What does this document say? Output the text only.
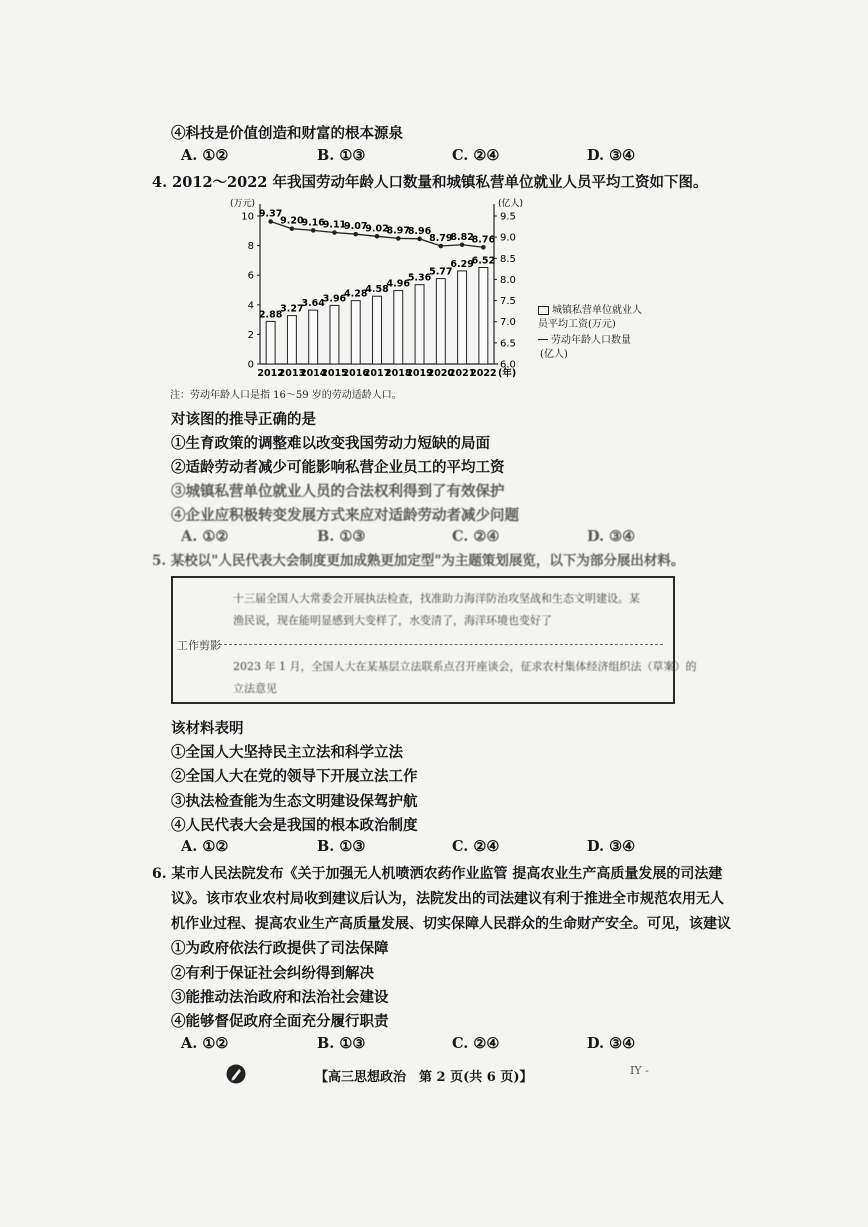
④科技是价值创造和财富的根本源泉
A. ①②	B. ①③	C. ②④	D. ③④
4. 2012～2022 年我国劳动年龄人口数量和城镇私营单位就业人员平均工资如下图。
(万元)	(亿人)
0
2
4
6
8
10
6.0
6.5
7.0
7.5
8.0
8.5
9.0
9.5
2.88
2012
3.27
2013
3.64
2014
3.96
2015
4.28
2016
4.58
2017
4.96
2018
5.36
2019
5.77
2020
6.29
2021
6.52
2022 (年)
9.37
9.20
9.16
9.11
9.07
9.02
8.97
8.96
8.79
8.82
8.76
城镇私营单位就业人员平均工资(万元)
劳动年龄人口数量
(亿人)
注：劳动年龄人口是指 16～59 岁的劳动适龄人口。
对该图的推导正确的是
①生育政策的调整难以改变我国劳动力短缺的局面
②适龄劳动者减少可能影响私营企业员工的平均工资
③城镇私营单位就业人员的合法权利得到了有效保护
④企业应积极转变发展方式来应对适龄劳动者减少问题
A. ①②	B. ①③	C. ②④	D. ③④
5. 某校以"人民代表大会制度更加成熟更加定型"为主题策划展览，以下为部分展出材料。
十三届全国人大常委会开展执法检查，找准助力海洋防治攻坚战和生态文明建设。某
渔民说，现在能明显感到大变样了，水变清了，海洋环境也变好了
工作剪影
2023 年 1 月，全国人大在某基层立法联系点召开座谈会，征求农村集体经济组织法（草案）的
立法意见
该材料表明
①全国人大坚持民主立法和科学立法
②全国人大在党的领导下开展立法工作
③执法检查能为生态文明建设保驾护航
④人民代表大会是我国的根本政治制度
A. ①②	B. ①③	C. ②④	D. ③④
6. 某市人民法院发布《关于加强无人机喷洒农药作业监管 提高农业生产高质量发展的司法建
议》。该市农业农村局收到建议后认为，法院发出的司法建议有利于推进全市规范农用无人
机作业过程、提高农业生产高质量发展、切实保障人民群众的生命财产安全。可见，该建议
①为政府依法行政提供了司法保障
②有利于保证社会纠纷得到解决
③能推动法治政府和法治社会建设
④能够督促政府全面充分履行职责
A. ①②	B. ①③	C. ②④	D. ③④
【高三思想政治　第 2 页(共 6 页)】	IY -
